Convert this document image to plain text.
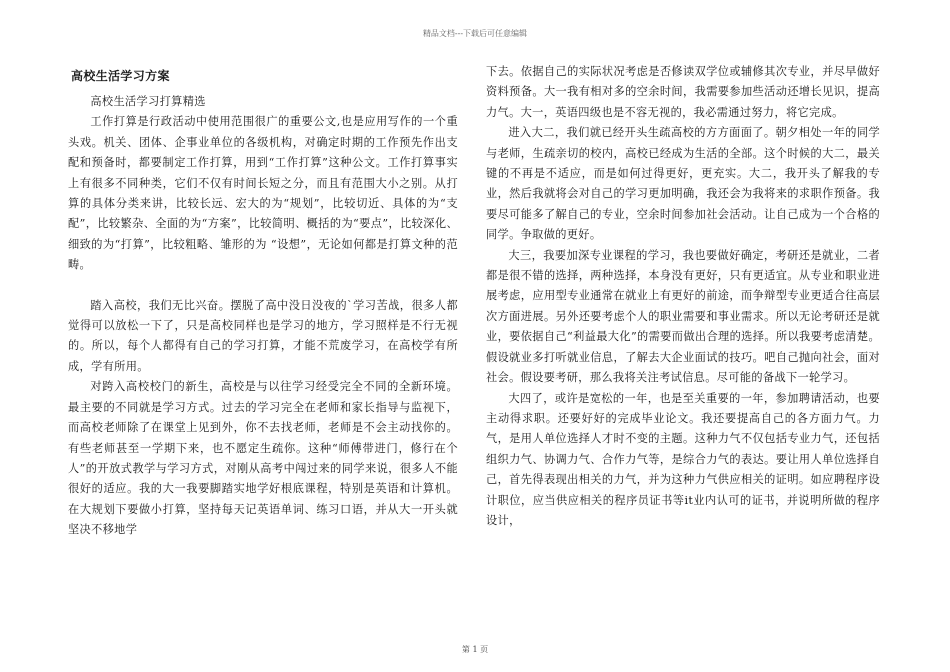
精品文档---下载后可任意编辑
高校生活学习方案

高校生活学习打算精选

工作打算是行政活动中使用范围很广的重要公文,也是应用写作的一个重头戏。机关、团体、企事业单位的各级机构，对确定时期的工作预先作出支配和预备时，都要制定工作打算，用到“工作打算”这种公文。工作打算事实上有很多不同种类，它们不仅有时间长短之分，而且有范围大小之别。从打算的具体分类来讲，比较长远、宏大的为“规划”，比较切近、具体的为“支配”，比较繁杂、全面的为“方案”，比较简明、概括的为“要点”，比较深化、细致的为“打算”，比较粗略、雏形的为 “设想”，无论如何都是打算文种的范畴。

踏入高校，我们无比兴奋。摆脱了高中没日没夜的`学习苦战，很多人都觉得可以放松一下了，只是高校同样也是学习的地方，学习照样是不行无视的。所以，每个人都得有自己的学习打算，才能不荒废学习，在高校学有所成，学有所用。

对跨入高校校门的新生，高校是与以往学习经受完全不同的全新环境。最主要的不同就是学习方式。过去的学习完全在老师和家长指导与监视下，而高校老师除了在课堂上见到外，你不去找老师，老师是不会主动找你的。有些老师甚至一学期下来，也不愿定生疏你。这种“师傅带进门，修行在个人”的开放式教学与学习方式，对刚从高考中闯过来的同学来说，很多人不能很好的适应。我的大一我要脚踏实地学好根底课程，特别是英语和计算机。在大规划下要做小打算，坚持每天记英语单词、练习口语，并从大一开头就坚决不移地学

下去。依据自己的实际状况考虑是否修读双学位或辅修其次专业，并尽早做好资料预备。大一我有相对多的空余时间，我需要参加些活动还增长见识，提高力气。大一，英语四级也是不容无视的，我必需通过努力，将它完成。

进入大二，我们就已经开头生疏高校的方方面面了。朝夕相处一年的同学与老师，生疏亲切的校内，高校已经成为生活的全部。这个时候的大二，最关键的不再是不适应，而是如何过得更好，更充实。大二，我开头了解我的专业，然后我就将会对自己的学习更加明确，我还会为我将来的求职作预备。我要尽可能多了解自己的专业，空余时间参加社会活动。让自己成为一个合格的同学。争取做的更好。

大三，我要加深专业课程的学习，我也要做好确定，考研还是就业，二者都是很不错的选择，两种选择，本身没有更好，只有更适宜。从专业和职业进展考虑，应用型专业通常在就业上有更好的前途，而争辩型专业更适合往高层次方面进展。另外还要考虑个人的职业需要和事业需求。所以无论考研还是就业，要依据自己“利益最大化”的需要而做出合理的选择。所以我要考虑清楚。假设就业多打听就业信息，了解去大企业面试的技巧。吧自己抛向社会，面对社会。假设要考研，那么我将关注考试信息。尽可能的备战下一轮学习。

大四了，或许是宽松的一年，也是至关重要的一年，参加聘请活动，也要主动得求职。还要好好的完成毕业论文。我还要提高自己的各方面力气。力气，是用人单位选择人才时不变的主题。这种力气不仅包括专业力气，还包括组织力气、协调力气、合作力气等，是综合力气的表达。要让用人单位选择自己，首先得表现出相关的力气，并为这种力气供应相关的证明。如应聘程序设计职位，应当供应相关的程序员证书等it业内认可的证书，并说明所做的程序设计，

第 1 页
